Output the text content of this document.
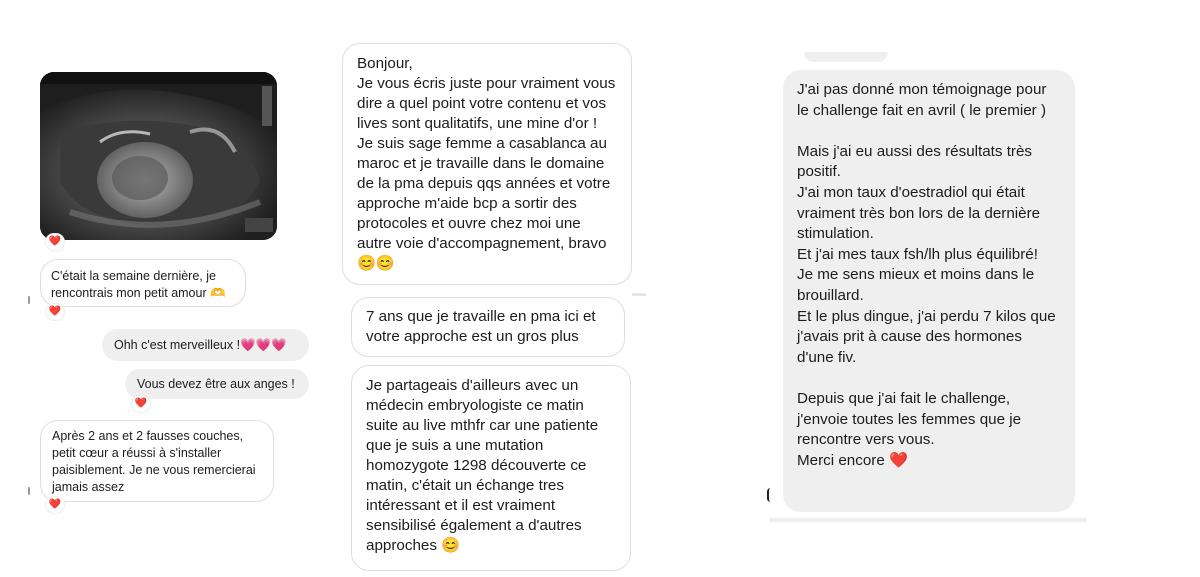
❤️
C'était la semaine dernière, je rencontrais mon petit amour 🫶
❤️
Ohh c'est merveilleux !💗💗💗
Vous devez être aux anges !
❤️
Après 2 ans et 2 fausses couches, petit cœur a réussi à s'installer paisiblement. Je ne vous remercierai jamais assez
❤️
Bonjour,
Je vous écris juste pour vraiment vous dire a quel point votre contenu et vos lives sont qualitatifs, une mine d'or ! Je suis sage femme a casablanca au maroc et je travaille dans le domaine de la pma depuis qqs années et votre approche m'aide bcp a sortir des protocoles et ouvre chez moi une autre voie d'accompagnement, bravo 😊😊
7 ans que je travaille en pma ici et votre approche est un gros plus
Je partageais d'ailleurs avec un médecin embryologiste ce matin suite au live mthfr car une patiente que je suis a une mutation homozygote 1298 découverte ce matin, c'était un échange tres intéressant et il est vraiment sensibilisé également a d'autres approches 😊
J'ai pas donné mon témoignage pour le challenge fait en avril ( le premier )

Mais j'ai eu aussi des résultats très positif.
J'ai mon taux d'oestradiol qui était vraiment très bon lors de la dernière stimulation.
Et j'ai mes taux fsh/lh plus équilibré!
Je me sens mieux et moins dans le brouillard.
Et le plus dingue, j'ai perdu 7 kilos que j'avais prit à cause des hormones d'une fiv.

Depuis que j'ai fait le challenge, j'envoie toutes les femmes que je rencontre vers vous.
Merci encore ❤️
